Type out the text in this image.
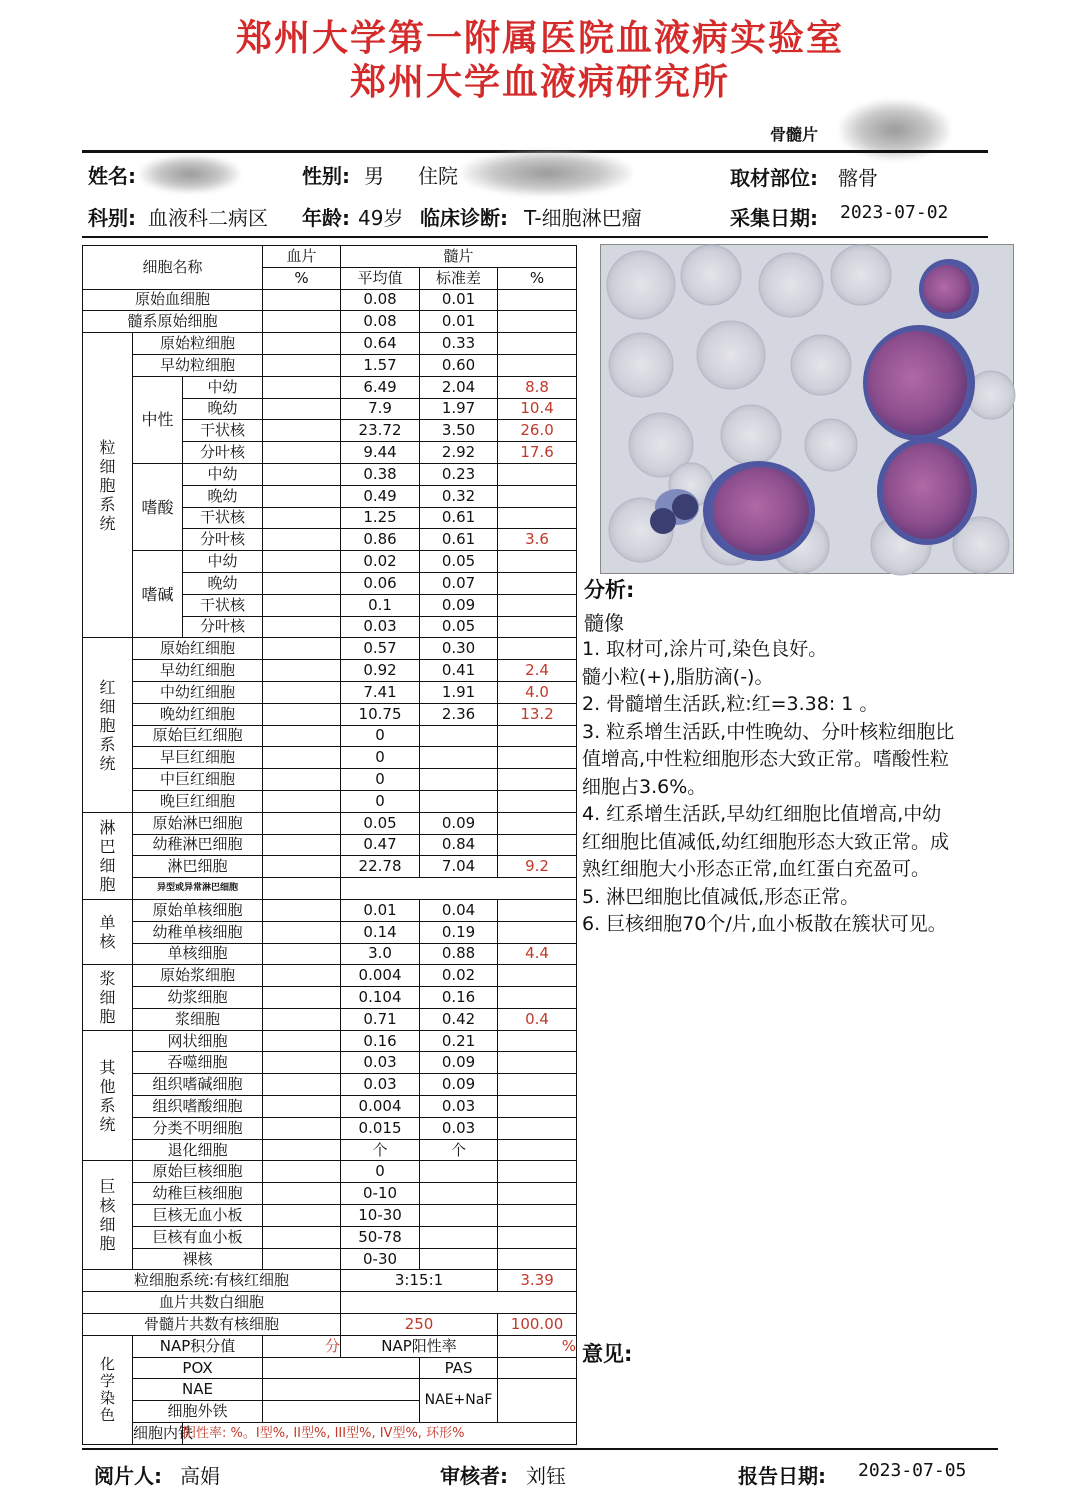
郑州大学第一附属医院血液病实验室
郑州大学血液病研究所
骨髓片
姓名:	性别: 男 住院	取材部位: 髂骨
科别: 血液科二病区 年龄: 49岁 临床诊断: T-细胞淋巴瘤	采集日期: 2023-07-02
细胞名称			血片	髓片		
			%	平均值	标准差	%
原始血细胞				0.08	0.01	
髓系原始细胞				0.08	0.01	
粒细胞系统	原始粒细胞			0.64	0.33	
	早幼粒细胞			1.57	0.60	
	中性	中幼		6.49	2.04	8.8
		晚幼		7.9	1.97	10.4
		干状核		23.72	3.50	26.0
		分叶核		9.44	2.92	17.6
	嗜酸	中幼		0.38	0.23	
		晚幼		0.49	0.32	
		干状核		1.25	0.61	
		分叶核		0.86	0.61	3.6
	嗜碱	中幼		0.02	0.05	
		晚幼		0.06	0.07	
		干状核		0.1	0.09	
		分叶核		0.03	0.05	
红细胞系统	原始红细胞			0.57	0.30	
	早幼红细胞			0.92	0.41	2.4
	中幼红细胞			7.41	1.91	4.0
	晚幼红细胞			10.75	2.36	13.2
	原始巨红细胞			0		
	早巨红细胞			0		
	中巨红细胞			0		
	晚巨红细胞			0		
淋巴细胞	原始淋巴细胞			0.05	0.09	
	幼稚淋巴细胞			0.47	0.84	
	淋巴细胞			22.78	7.04	9.2
	异型或异常淋巴细胞					
单核	原始单核细胞			0.01	0.04	
	幼稚单核细胞			0.14	0.19	
	单核细胞			3.0	0.88	4.4
浆细胞	原始浆细胞			0.004	0.02	
	幼浆细胞			0.104	0.16	
	浆细胞			0.71	0.42	0.4
其他系统	网状细胞			0.16	0.21	
	吞噬细胞			0.03	0.09	
	组织嗜碱细胞			0.03	0.09	
	组织嗜酸细胞			0.004	0.03	
	分类不明细胞			0.015	0.03	
	退化细胞			个	个	
巨核细胞	原始巨核细胞			0		
	幼稚巨核细胞			0-10		
	巨核无血小板			10-30		
	巨核有血小板			50-78		
	裸核			0-30		
粒细胞系统:有核红细胞				3:15:1		3.39
血片共数白细胞						
骨髓片共数有核细胞				250		100.00
化学染色	NAP积分值		分	NAP阳性率		%
	POX				PAS	
	NAE				NAE+NaF	
	细胞外铁					
	细胞内铁	阳性率: %。I型%, II型%, III型%, IV型%, 环形%				
分析:
髓像
1. 取材可,涂片可,染色良好。
髓小粒(+),脂肪滴(-)。
2. 骨髓增生活跃,粒:红=3.38: 1 。
3. 粒系增生活跃,中性晚幼、分叶核粒细胞比
值增高,中性粒细胞形态大致正常。嗜酸性粒
细胞占3.6%。
4. 红系增生活跃,早幼红细胞比值增高,中幼
红细胞比值减低,幼红细胞形态大致正常。成
熟红细胞大小形态正常,血红蛋白充盈可。
5. 淋巴细胞比值减低,形态正常。
6. 巨核细胞70个/片,血小板散在簇状可见。
意见:
阅片人: 高娟	审核者: 刘钰	报告日期: 2023-07-05
